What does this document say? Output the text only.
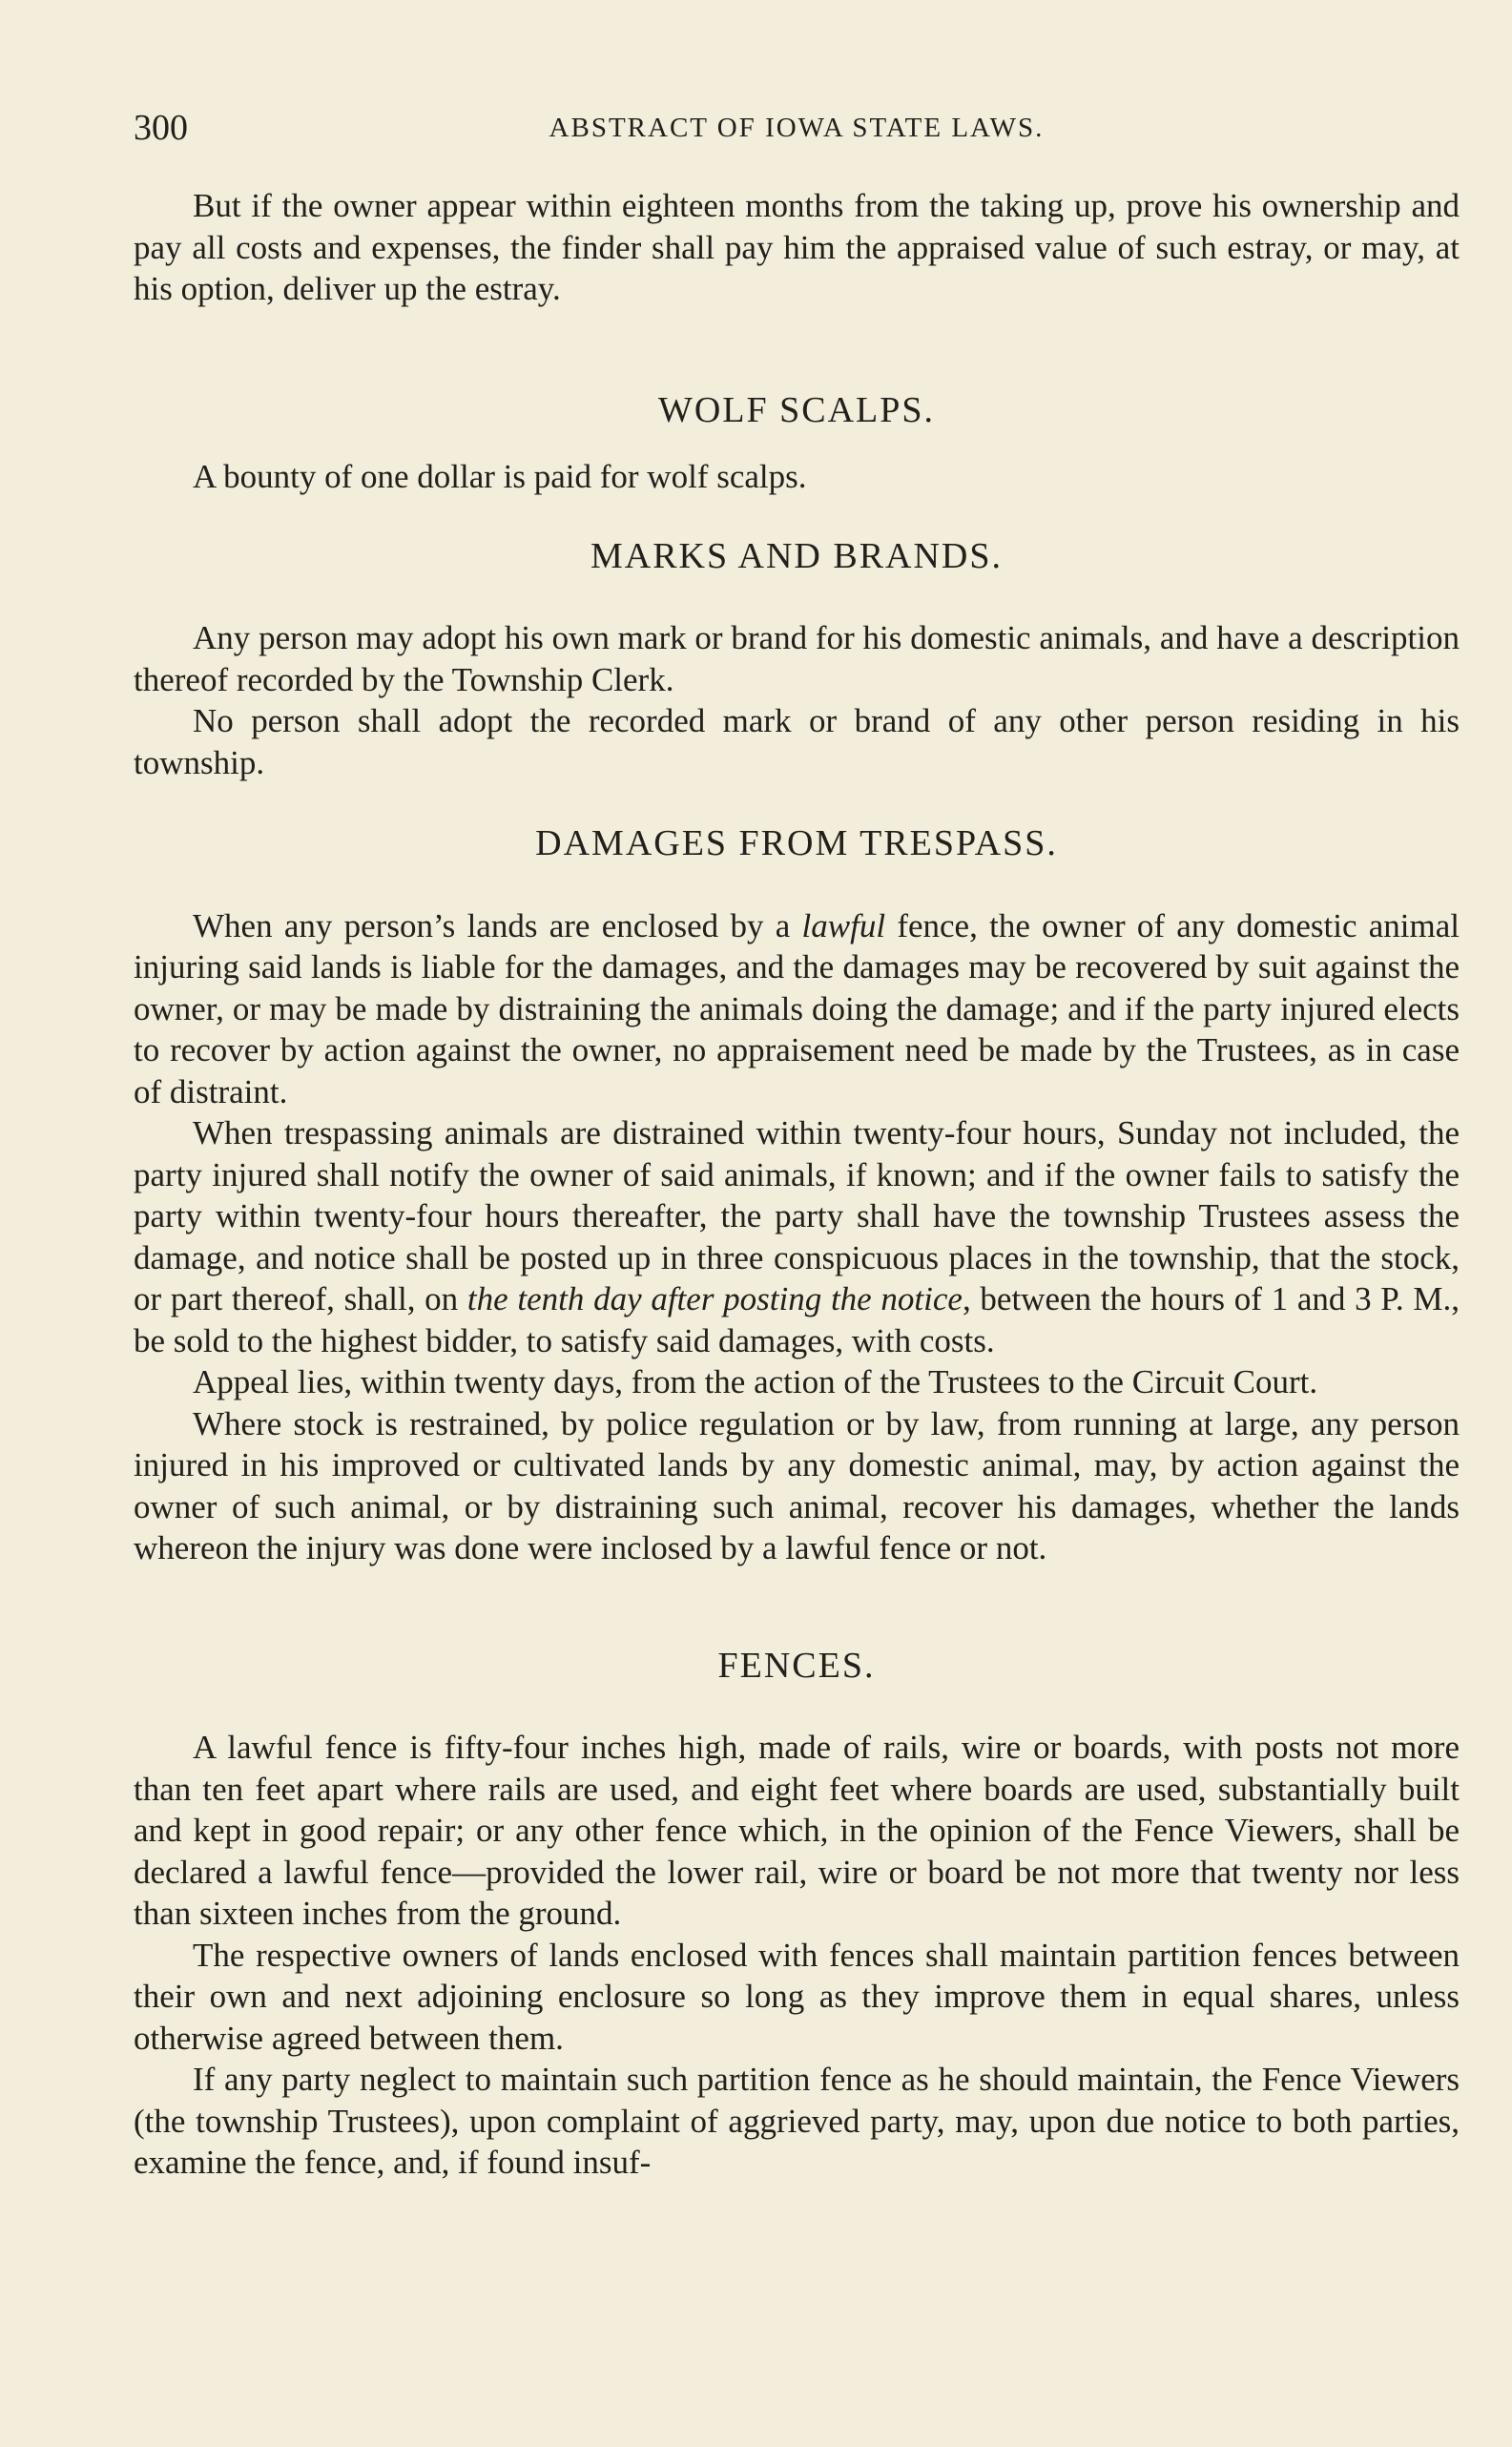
300	ABSTRACT OF IOWA STATE LAWS.

But if the owner appear within eighteen months from the taking up, prove his ownership and pay all costs and expenses, the finder shall pay him the appraised value of such estray, or may, at his option, deliver up the estray.

WOLF SCALPS.

A bounty of one dollar is paid for wolf scalps.

MARKS AND BRANDS.

Any person may adopt his own mark or brand for his domestic animals, and have a description thereof recorded by the Township Clerk.

No person shall adopt the recorded mark or brand of any other person residing in his township.

DAMAGES FROM TRESPASS.

When any person’s lands are enclosed by a lawful fence, the owner of any domestic animal injuring said lands is liable for the damages, and the damages may be recovered by suit against the owner, or may be made by distraining the animals doing the damage; and if the party injured elects to recover by action against the owner, no appraisement need be made by the Trustees, as in case of distraint.

When trespassing animals are distrained within twenty-four hours, Sunday not included, the party injured shall notify the owner of said animals, if known; and if the owner fails to satisfy the party within twenty-four hours thereafter, the party shall have the township Trustees assess the damage, and notice shall be posted up in three conspicuous places in the township, that the stock, or part thereof, shall, on the tenth day after posting the notice, between the hours of 1 and 3 P. M., be sold to the highest bidder, to satisfy said damages, with costs.

Appeal lies, within twenty days, from the action of the Trustees to the Circuit Court.

Where stock is restrained, by police regulation or by law, from running at large, any person injured in his improved or cultivated lands by any domestic animal, may, by action against the owner of such animal, or by distraining such animal, recover his damages, whether the lands whereon the injury was done were inclosed by a lawful fence or not.

FENCES.

A lawful fence is fifty-four inches high, made of rails, wire or boards, with posts not more than ten feet apart where rails are used, and eight feet where boards are used, substantially built and kept in good repair; or any other fence which, in the opinion of the Fence Viewers, shall be declared a lawful fence—provided the lower rail, wire or board be not more that twenty nor less than sixteen inches from the ground.

The respective owners of lands enclosed with fences shall maintain partition fences between their own and next adjoining enclosure so long as they improve them in equal shares, unless otherwise agreed between them.

If any party neglect to maintain such partition fence as he should maintain, the Fence Viewers (the township Trustees), upon complaint of aggrieved party, may, upon due notice to both parties, examine the fence, and, if found insuf-
